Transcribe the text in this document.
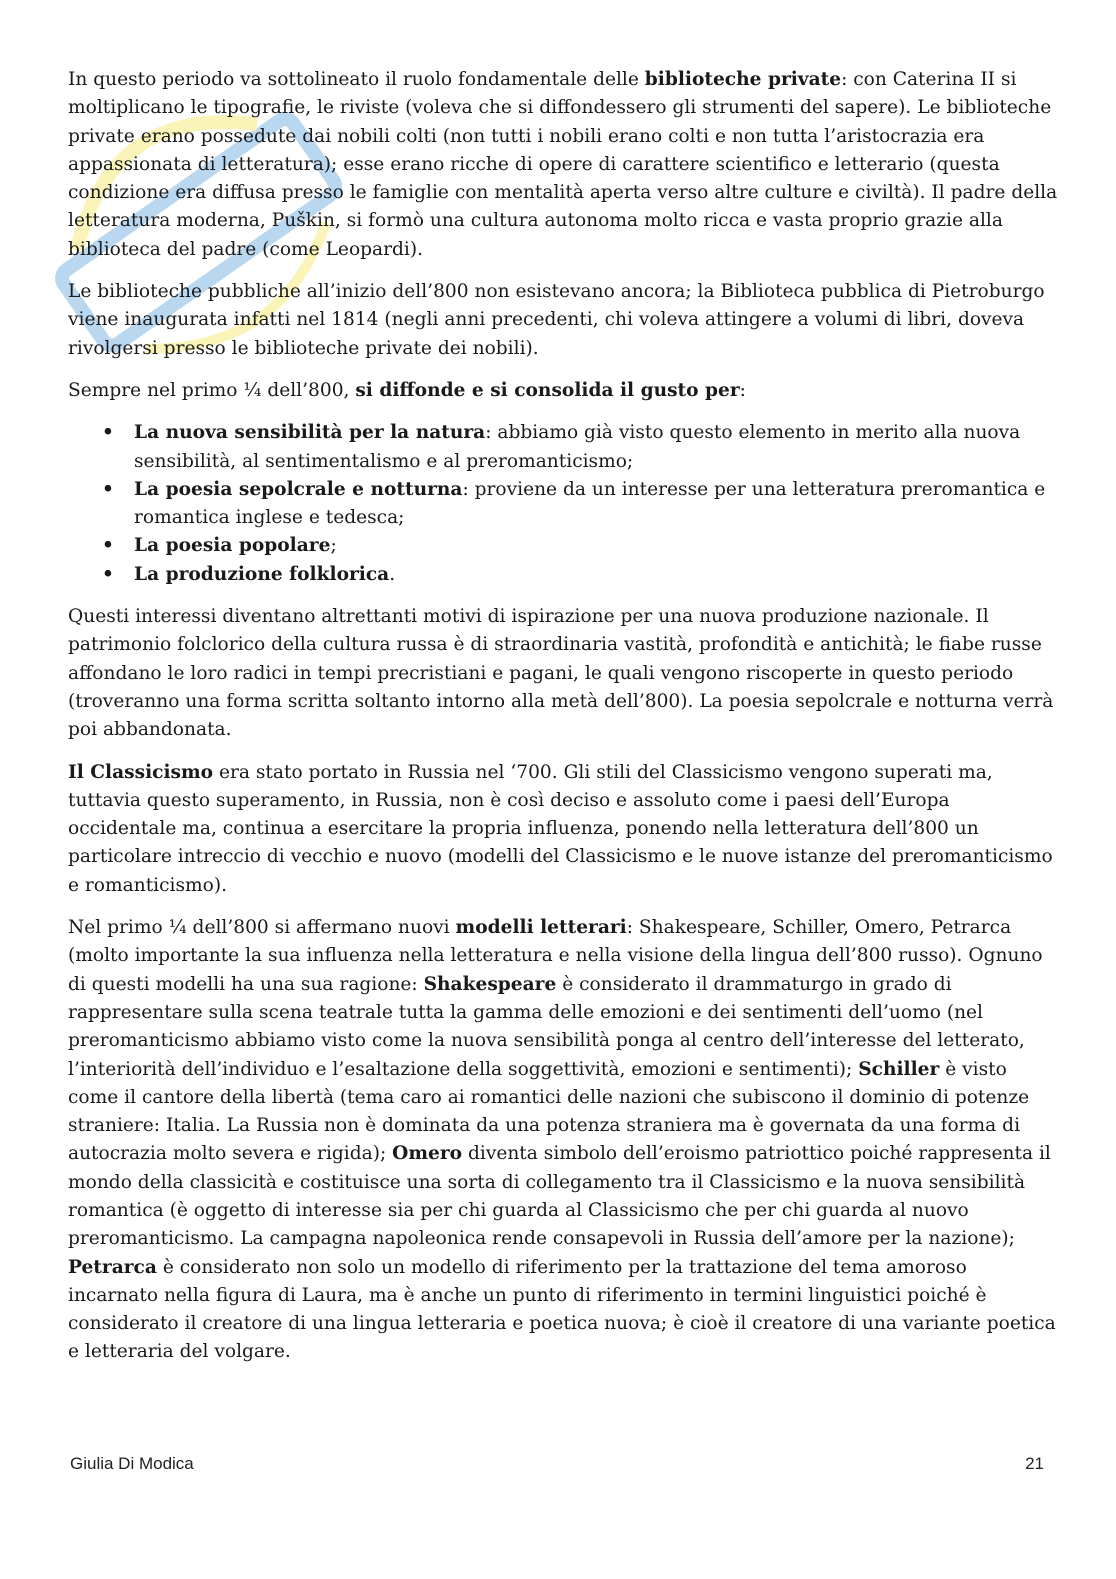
In questo periodo va sottolineato il ruolo fondamentale delle biblioteche private: con Caterina II si moltiplicano le tipografie, le riviste (voleva che si diffondessero gli strumenti del sapere). Le biblioteche private erano possedute dai nobili colti (non tutti i nobili erano colti e non tutta l’aristocrazia era appassionata di letteratura); esse erano ricche di opere di carattere scientifico e letterario (questa condizione era diffusa presso le famiglie con mentalità aperta verso altre culture e civiltà). Il padre della letteratura moderna, Puškin, si formò una cultura autonoma molto ricca e vasta proprio grazie alla biblioteca del padre (come Leopardi).

Le biblioteche pubbliche all’inizio dell’800 non esistevano ancora; la Biblioteca pubblica di Pietroburgo viene inaugurata infatti nel 1814 (negli anni precedenti, chi voleva attingere a volumi di libri, doveva rivolgersi presso le biblioteche private dei nobili).

Sempre nel primo ¼ dell’800, si diffonde e si consolida il gusto per:

• La nuova sensibilità per la natura: abbiamo già visto questo elemento in merito alla nuova sensibilità, al sentimentalismo e al preromanticismo;
• La poesia sepolcrale e notturna: proviene da un interesse per una letteratura preromantica e romantica inglese e tedesca;
• La poesia popolare;
• La produzione folklorica.

Questi interessi diventano altrettanti motivi di ispirazione per una nuova produzione nazionale. Il patrimonio folclorico della cultura russa è di straordinaria vastità, profondità e antichità; le fiabe russe affondano le loro radici in tempi precristiani e pagani, le quali vengono riscoperte in questo periodo (troveranno una forma scritta soltanto intorno alla metà dell’800). La poesia sepolcrale e notturna verrà poi abbandonata.

Il Classicismo era stato portato in Russia nel ‘700. Gli stili del Classicismo vengono superati ma, tuttavia questo superamento, in Russia, non è così deciso e assoluto come i paesi dell’Europa occidentale ma, continua a esercitare la propria influenza, ponendo nella letteratura dell’800 un particolare intreccio di vecchio e nuovo (modelli del Classicismo e le nuove istanze del preromanticismo e romanticismo).

Nel primo ¼ dell’800 si affermano nuovi modelli letterari: Shakespeare, Schiller, Omero, Petrarca (molto importante la sua influenza nella letteratura e nella visione della lingua dell’800 russo). Ognuno di questi modelli ha una sua ragione: Shakespeare è considerato il drammaturgo in grado di rappresentare sulla scena teatrale tutta la gamma delle emozioni e dei sentimenti dell’uomo (nel preromanticismo abbiamo visto come la nuova sensibilità ponga al centro dell’interesse del letterato, l’interiorità dell’individuo e l’esaltazione della soggettività, emozioni e sentimenti); Schiller è visto come il cantore della libertà (tema caro ai romantici delle nazioni che subiscono il dominio di potenze straniere: Italia. La Russia non è dominata da una potenza straniera ma è governata da una forma di autocrazia molto severa e rigida); Omero diventa simbolo dell’eroismo patriottico poiché rappresenta il mondo della classicità e costituisce una sorta di collegamento tra il Classicismo e la nuova sensibilità romantica (è oggetto di interesse sia per chi guarda al Classicismo che per chi guarda al nuovo preromanticismo. La campagna napoleonica rende consapevoli in Russia dell’amore per la nazione); Petrarca è considerato non solo un modello di riferimento per la trattazione del tema amoroso incarnato nella figura di Laura, ma è anche un punto di riferimento in termini linguistici poiché è considerato il creatore di una lingua letteraria e poetica nuova; è cioè il creatore di una variante poetica e letteraria del volgare.

Giulia Di Modica	21
